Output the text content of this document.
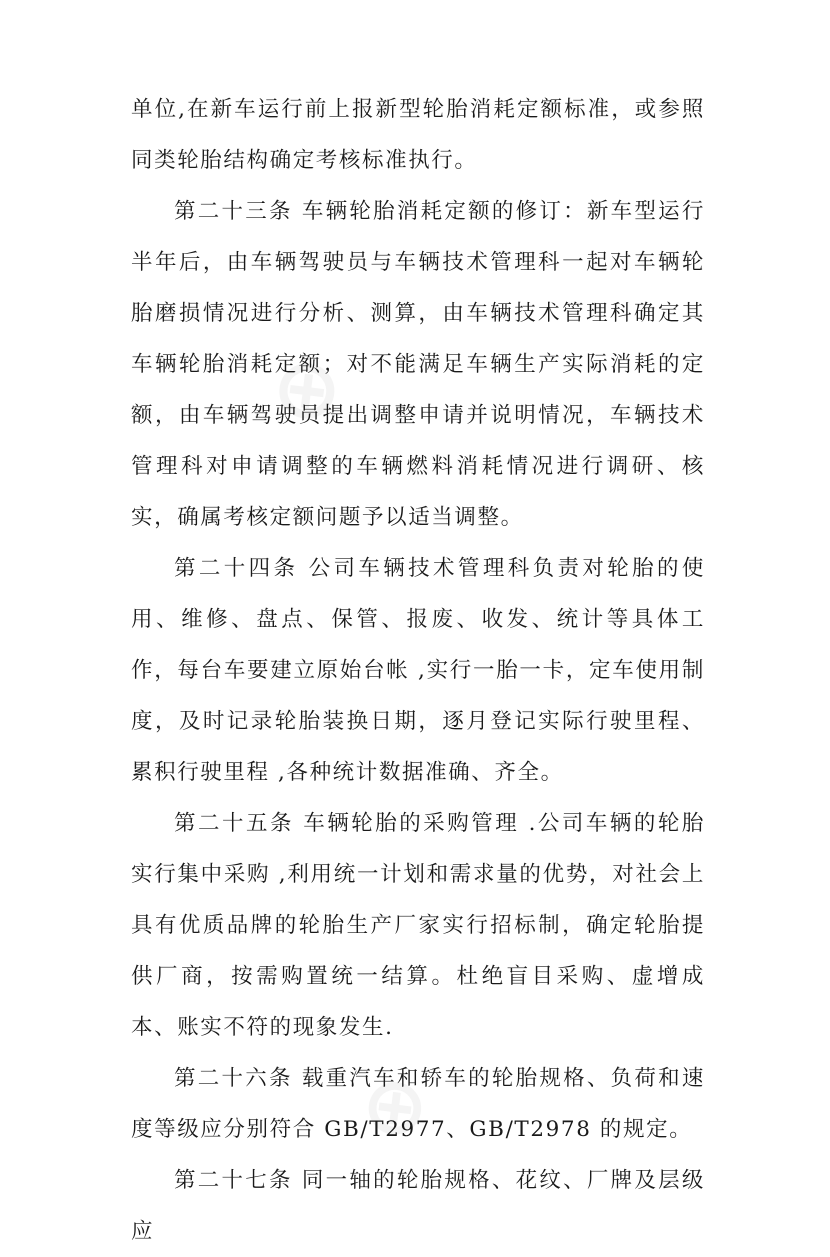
单位,在新车运行前上报新型轮胎消耗定额标准，或参照同类轮胎结构确定考核标准执行。

第二十三条 车辆轮胎消耗定额的修订：新车型运行半年后，由车辆驾驶员与车辆技术管理科一起对车辆轮胎磨损情况进行分析、测算，由车辆技术管理科确定其车辆轮胎消耗定额；对不能满足车辆生产实际消耗的定额，由车辆驾驶员提出调整申请并说明情况，车辆技术管理科对申请调整的车辆燃料消耗情况进行调研、核实，确属考核定额问题予以适当调整。

第二十四条 公司车辆技术管理科负责对轮胎的使用、维修、盘点、保管、报废、收发、统计等具体工作，每台车要建立原始台帐 ,实行一胎一卡，定车使用制度，及时记录轮胎装换日期，逐月登记实际行驶里程、累积行驶里程 ,各种统计数据准确、齐全。

第二十五条 车辆轮胎的采购管理 .公司车辆的轮胎实行集中采购 ,利用统一计划和需求量的优势，对社会上具有优质品牌的轮胎生产厂家实行招标制，确定轮胎提供厂商，按需购置统一结算。杜绝盲目采购、虚增成本、账实不符的现象发生.

第二十六条 载重汽车和轿车的轮胎规格、负荷和速度等级应分别符合 GB/T2977、GB/T2978 的规定。

第二十七条 同一轴的轮胎规格、花纹、厂牌及层级应
